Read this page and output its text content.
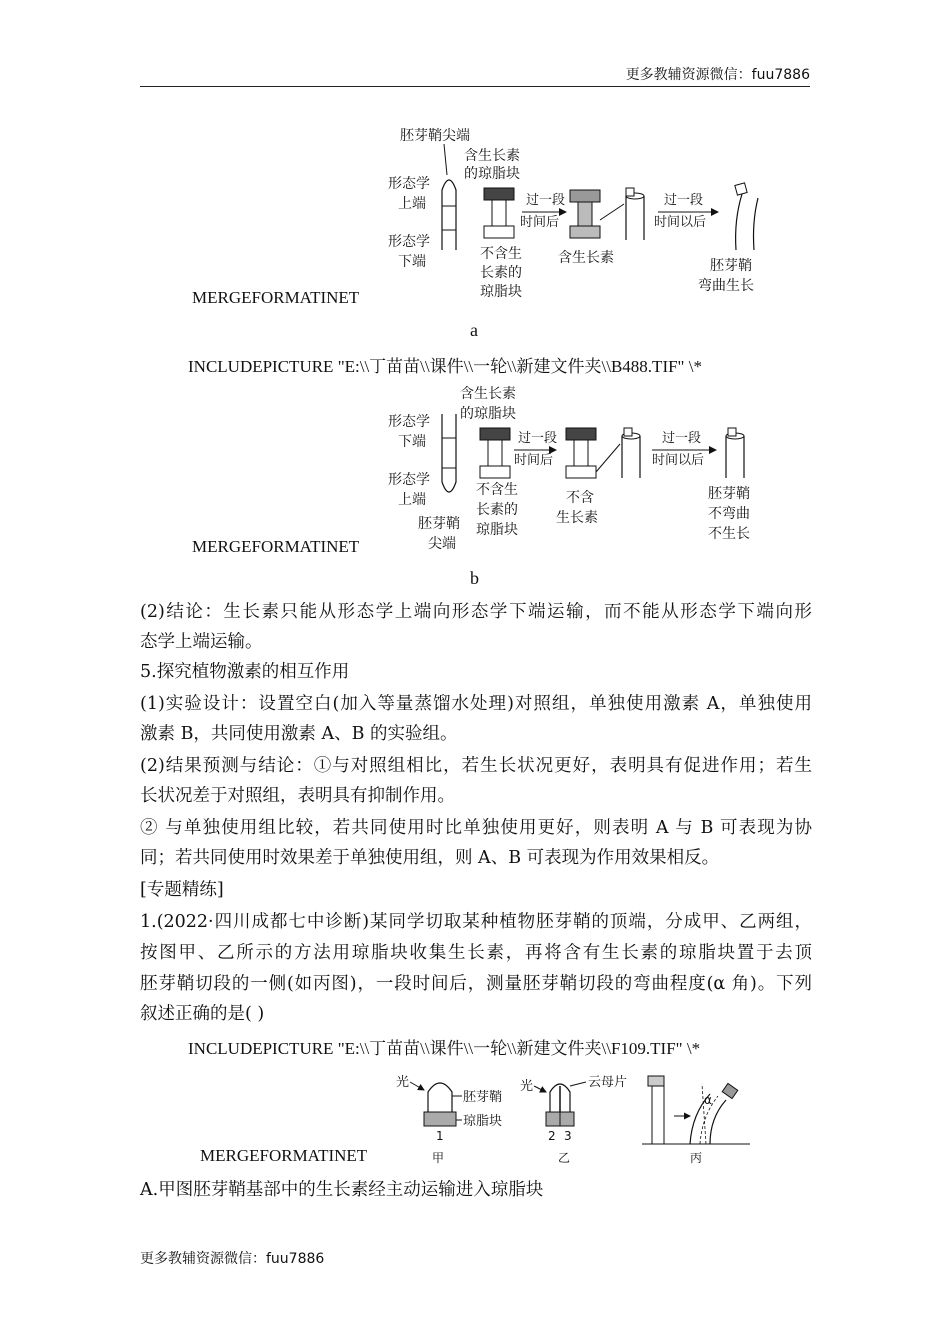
更多教辅资源微信：fuu7886
胚芽鞘尖端
含生长素
的琼脂块
形态学
上端
形态学
下端	不含生
长素的
琼脂块
过一段
时间后
含生长素
过一段
时间以后
胚芽鞘
弯曲生长
MERGEFORMATINET
a
INCLUDEPICTURE "E:\\丁苗苗\\课件\\一轮\\新建文件夹\\B488.TIF" \*
含生长素
的琼脂块
形态学
下端
形态学
上端
胚芽鞘
尖端
不含生
长素的
琼脂块
过一段
时间后
不含
生长素
过一段
时间以后
胚芽鞘
不弯曲
不生长
MERGEFORMATINET
b
(2)结论：生长素只能从形态学上端向形态学下端运输，而不能从形态学下端向形
态学上端运输。
5.探究植物激素的相互作用
(1)实验设计：设置空白(加入等量蒸馏水处理)对照组，单独使用激素 A，单独使用
激素 B，共同使用激素 A、B 的实验组。
(2)结果预测与结论：①与对照组相比，若生长状况更好，表明具有促进作用；若生
长状况差于对照组，表明具有抑制作用。
② 与单独使用组比较，若共同使用时比单独使用更好，则表明 A 与 B 可表现为协
同；若共同使用时效果差于单独使用组，则 A、B 可表现为作用效果相反。
[专题精练]
1.(2022·四川成都七中诊断)某同学切取某种植物胚芽鞘的顶端，分成甲、乙两组，
按图甲、乙所示的方法用琼脂块收集生长素，再将含有生长素的琼脂块置于去顶
胚芽鞘切段的一侧(如丙图)，一段时间后，测量胚芽鞘切段的弯曲程度(α 角)。下列
叙述正确的是( )
INCLUDEPICTURE "E:\\丁苗苗\\课件\\一轮\\新建文件夹\\F109.TIF" \*
光
胚芽鞘
琼脂块
1
甲
光	云母片
2 3
乙
α
丙
MERGEFORMATINET
A.甲图胚芽鞘基部中的生长素经主动运输进入琼脂块
更多教辅资源微信：fuu7886
